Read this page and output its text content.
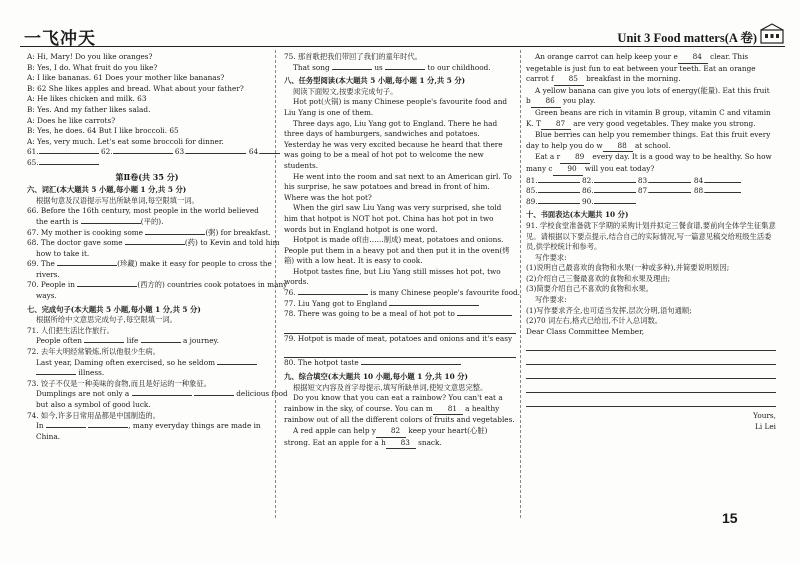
一飞冲天	Unit 3 Food matters(A 卷)
A: Hi, Mary! Do you like oranges?
B: Yes, I do. What fruit do you like?
A: I like bananas. 61 Does your mother like bananas?
B: 62 She likes apples and bread. What about your father?
A: He likes chicken and milk. 63
B: Yes. And my father likes salad.
A: Does he like carrots?
B: Yes, he does. 64 But I like broccoli. 65
A: Yes, very much. Let's eat some broccoli for dinner.
61.	62.	63.	64.
65.
第Ⅱ卷(共 35 分)
六、词汇(本大题共 5 小题,每小题 1 分,共 5 分)
根据句意及汉语提示写出所缺单词,每空限填一词。
66. Before the 16th century, most people in the world believed
the earth is	(平的).
67. My mother is cooking some	(粥) for breakfast.
68. The doctor gave some	(药) to Kevin and told him
how to take it.
69. The	(珍藏) make it easy for people to cross the
rivers.
70. People in	(西方的) countries cook potatoes in many
ways.
七、完成句子(本大题共 5 小题,每小题 1 分,共 5 分)
根据所给中文意思完成句子,每空限填一词。
71. 人们把生活比作旅行。
People often	life	a journey.
72. 去年大明经常锻炼,所以他很少生病。
Last year, Daming often exercised, so he seldom
illness.
73. 饺子不仅是一种美味的食物,而且是好运的一种象征。
Dumplings are not only a	delicious food
but also a symbol of good luck.
74. 如今,许多日常用品都是中国制造的。
In	, many everyday things are made in
China.
75. 那首歌把我们带回了我们的童年时代。
That song	us	to our childhood.
八、任务型阅读(本大题共 5 小题,每小题 1 分,共 5 分)
阅读下面短文,按要求完成句子。
Hot pot(火锅) is many Chinese people's favourite food and Liu Yang is one of them.
Three days ago, Liu Yang got to England. There he had three days of hamburgers, sandwiches and potatoes. Yesterday he was very excited because he heard that there was going to be a meal of hot pot to welcome the new students.
He went into the room and sat next to an American girl. To his surprise, he saw potatoes and bread in front of him. Where was the hot pot?
When the girl saw Liu Yang was very surprised, she told him that hotpot is NOT hot pot. China has hot pot in two words but in England hotpot is one word.
Hotpot is made of(由……制成) meat, potatoes and onions. People put them in a heavy pot and then put it in the oven(烤箱) with a low heat. It is easy to cook.
Hotpot tastes fine, but Liu Yang still misses hot pot, two words.
76.	is many Chinese people's favourite food.
77. Liu Yang got to England
78. There was going to be a meal of hot pot to
79. Hotpot is made of meat, potatoes and onions and it's easy
80. The hotpot taste
九、综合填空(本大题共 10 小题,每小题 1 分,共 10 分)
根据短文内容及首字母提示,填写所缺单词,使短文意思完整。
Do you know that you can eat a rainbow? You can't eat a rainbow in the sky, of course. You can m 81 a healthy rainbow out of all the different colors of fruits and vegetables.
A red apple can help y 82 keep your heart(心脏) strong. Eat an apple for a h 83 snack.
An orange carrot can help keep your e 84 clear. This vegetable is just fun to eat between your teeth. Eat an orange carrot f 85 breakfast in the morning.
A yellow banana can give you lots of energy(能量). Eat this fruit b 86 you play.
Green beans are rich in vitamin B group, vitamin C and vitamin K. T 87 are very good vegetables. They make you strong.
Blue berries can help you remember things. Eat this fruit every day to help you do w 88 at school.
Eat a r 89 every day. It is a good way to be healthy. So how many c 90 will you eat today?
81.	82.	83.	84.
85.	86.	87.	88.
89.	90.
十、书面表达(本大题共 10 分)
91. 学校食堂准备就下学期的采购计划并拟定三餐食谱,要前向全体学生征集意见。请根据以下要点提示,结合自己的实际情况,写一篇意见稿交给班级生活委员,供学校统计和参考。
写作要求:
(1)说明自己最喜欢的食物和水果(一种或多种),并简要说明原因;
(2)介绍自己三餐最喜欢的食物和水果及理由;
(3)简要介绍自己不喜欢的食物和水果。
写作要求:
(1)写作要求齐全,也可适当发挥,层次分明,语句通顺;
(2)70 词左右,格式已给出,不计入总词数。
Dear Class Committee Member,
Yours,
Li Lei
15
